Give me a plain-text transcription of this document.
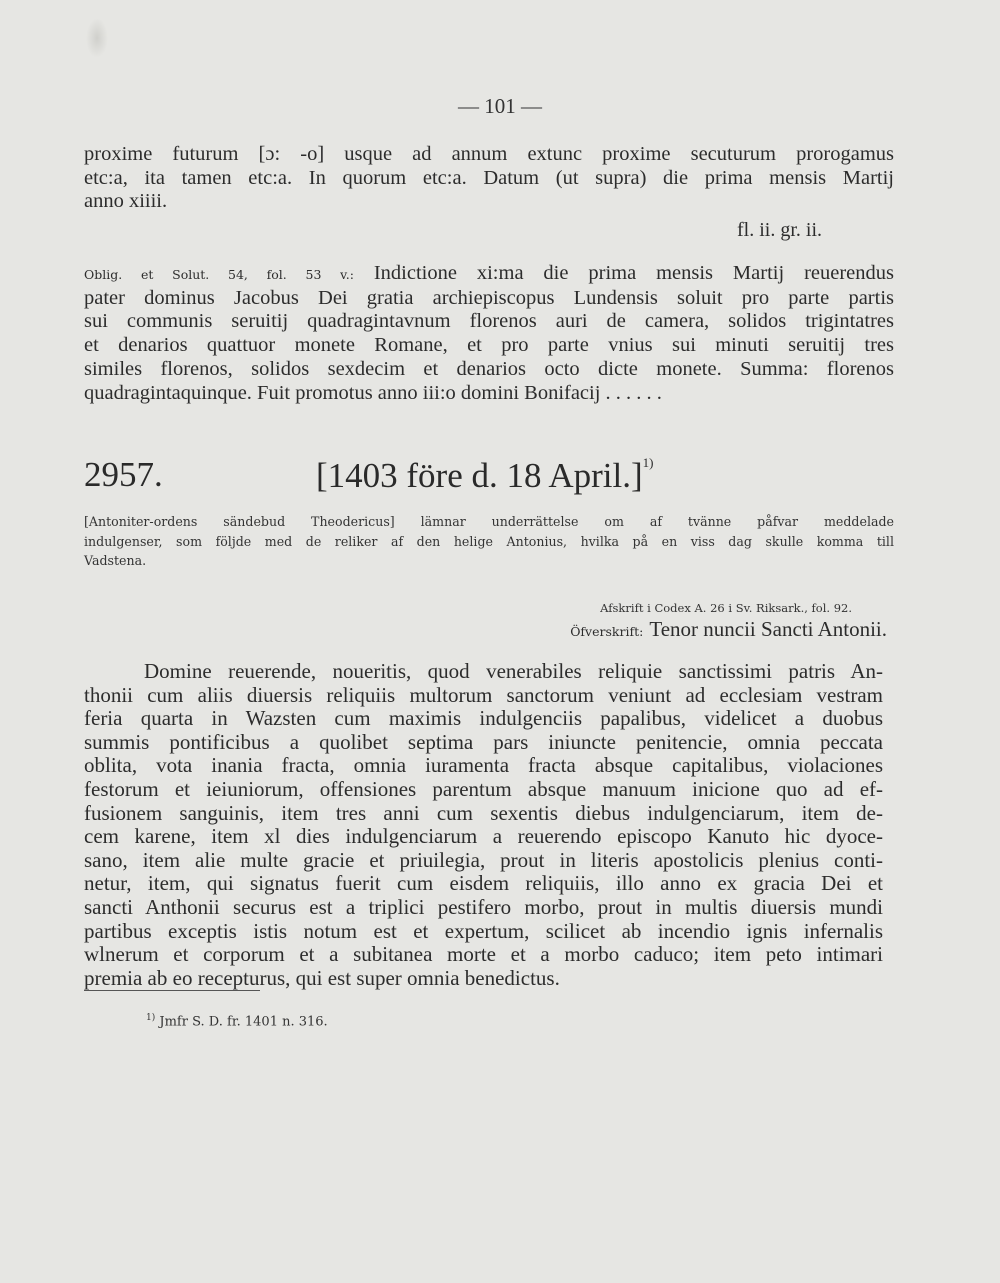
— 101 —
proxime futurum [ɔ: -o] usque ad annum extunc proxime secuturum prorogamus
etc:a, ita tamen etc:a. In quorum etc:a. Datum (ut supra) die prima mensis Martij
anno xiiii.
fl. ii. gr. ii.
Oblig. et Solut. 54, fol. 53 v.: Indictione xi:ma die prima mensis Martij reuerendus
pater dominus Jacobus Dei gratia archiepiscopus Lundensis soluit pro parte partis
sui communis seruitij quadragintavnum florenos auri de camera, solidos trigintatres
et denarios quattuor monete Romane, et pro parte vnius sui minuti seruitij tres
similes florenos, solidos sexdecim et denarios octo dicte monete. Summa: florenos
quadragintaquinque. Fuit promotus anno iii:o domini Bonifacij . . . . . .
2957.	[1403 före d. 18 April.]$^{1)}$
[Antoniter-ordens sändebud Theodericus] lämnar underrättelse om af tvänne påfvar meddelade
indulgenser, som följde med de reliker af den helige Antonius, hvilka på en viss dag skulle komma till
Vadstena.
Afskrift i Codex A. 26 i Sv. Riksark., fol. 92.
Öfverskrift: Tenor nuncii Sancti Antonii.
Domine reuerende, noueritis, quod venerabiles reliquie sanctissimi patris An-
thonii cum aliis diuersis reliquiis multorum sanctorum veniunt ad ecclesiam vestram
feria quarta in Wazsten cum maximis indulgenciis papalibus, videlicet a duobus
summis pontificibus a quolibet septima pars iniuncte penitencie, omnia peccata
oblita, vota inania fracta, omnia iuramenta fracta absque capitalibus, violaciones
festorum et ieiuniorum, offensiones parentum absque manuum inicione quo ad ef-
fusionem sanguinis, item tres anni cum sexentis diebus indulgenciarum, item de-
cem karene, item xl dies indulgenciarum a reuerendo episcopo Kanuto hic dyoce-
sano, item alie multe gracie et priuilegia, prout in literis apostolicis plenius conti-
netur, item, qui signatus fuerit cum eisdem reliquiis, illo anno ex gracia Dei et
sancti Anthonii securus est a triplici pestifero morbo, prout in multis diuersis mundi
partibus exceptis istis notum est et expertum, scilicet ab incendio ignis infernalis
wlnerum et corporum et a subitanea morte et a morbo caduco; item peto intimari
premia ab eo recepturus, qui est super omnia benedictus.
$^{1)}$ Jmfr S. D. fr. 1401 n. 316.
